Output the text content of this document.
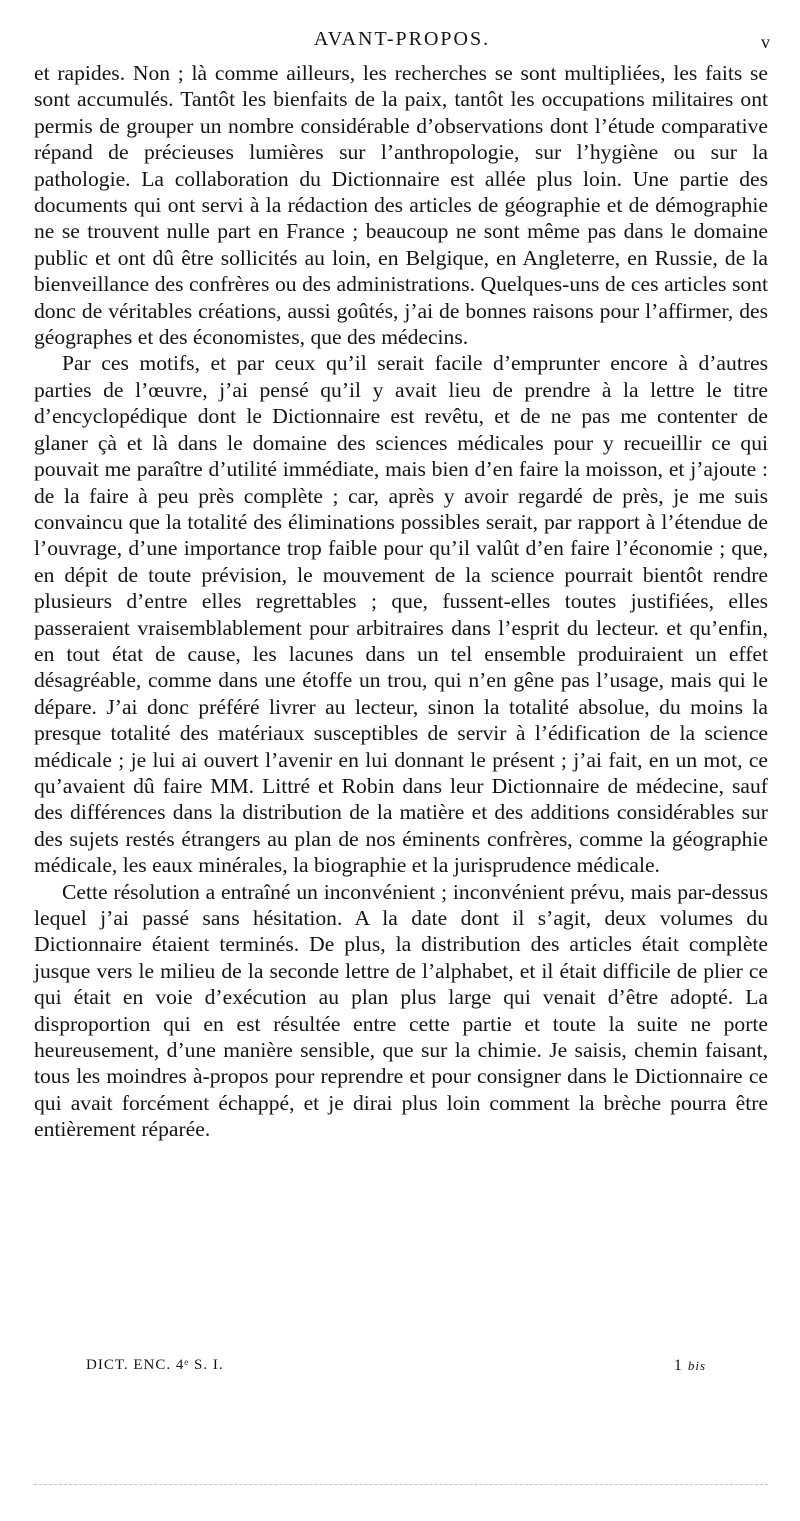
AVANT-PROPOS.	v

et rapides. Non ; là comme ailleurs, les recherches se sont multipliées, les faits se sont accumulés. Tantôt les bienfaits de la paix, tantôt les occupations militaires ont permis de grouper un nombre considérable d’observations dont l’étude comparative répand de précieuses lumières sur l’anthropologie, sur l’hygiène ou sur la pathologie. La collaboration du Dictionnaire est allée plus loin. Une partie des documents qui ont servi à la rédaction des articles de géographie et de démographie ne se trouvent nulle part en France ; beaucoup ne sont même pas dans le domaine public et ont dû être sollicités au loin, en Belgique, en Angleterre, en Russie, de la bienveillance des confrères ou des administrations. Quelques-uns de ces articles sont donc de véritables créations, aussi goûtés, j’ai de bonnes raisons pour l’affirmer, des géographes et des économistes, que des médecins.

Par ces motifs, et par ceux qu’il serait facile d’emprunter encore à d’autres parties de l’œuvre, j’ai pensé qu’il y avait lieu de prendre à la lettre le titre d’encyclopédique dont le Dictionnaire est revêtu, et de ne pas me contenter de glaner çà et là dans le domaine des sciences médicales pour y recueillir ce qui pouvait me paraître d’utilité immédiate, mais bien d’en faire la moisson, et j’ajoute : de la faire à peu près complète ; car, après y avoir regardé de près, je me suis convaincu que la totalité des éliminations possibles serait, par rapport à l’étendue de l’ouvrage, d’une importance trop faible pour qu’il valût d’en faire l’économie ; que, en dépit de toute prévision, le mouvement de la science pourrait bientôt rendre plusieurs d’entre elles regrettables ; que, fussent-elles toutes justifiées, elles passeraient vraisemblablement pour arbitraires dans l’esprit du lecteur. et qu’enfin, en tout état de cause, les lacunes dans un tel ensemble produiraient un effet désagréable, comme dans une étoffe un trou, qui n’en gêne pas l’usage, mais qui le dépare. J’ai donc préféré livrer au lecteur, sinon la totalité absolue, du moins la presque totalité des matériaux susceptibles de servir à l’édification de la science médicale ; je lui ai ouvert l’avenir en lui donnant le présent ; j’ai fait, en un mot, ce qu’avaient dû faire MM. Littré et Robin dans leur Dictionnaire de médecine, sauf des différences dans la distribution de la matière et des additions considérables sur des sujets restés étrangers au plan de nos éminents confrères, comme la géographie médicale, les eaux minérales, la biographie et la jurisprudence médicale.

Cette résolution a entraîné un inconvénient ; inconvénient prévu, mais par-dessus lequel j’ai passé sans hésitation. A la date dont il s’agit, deux volumes du Dictionnaire étaient terminés. De plus, la distribution des articles était complète jusque vers le milieu de la seconde lettre de l’alphabet, et il était difficile de plier ce qui était en voie d’exécution au plan plus large qui venait d’être adopté. La disproportion qui en est résultée entre cette partie et toute la suite ne porte heureusement, d’une manière sensible, que sur la chimie. Je saisis, chemin faisant, tous les moindres à-propos pour reprendre et pour consigner dans le Dictionnaire ce qui avait forcément échappé, et je dirai plus loin comment la brèche pourra être entièrement réparée.

DICT. ENC. 4ᵉ S. I.	1 bis
